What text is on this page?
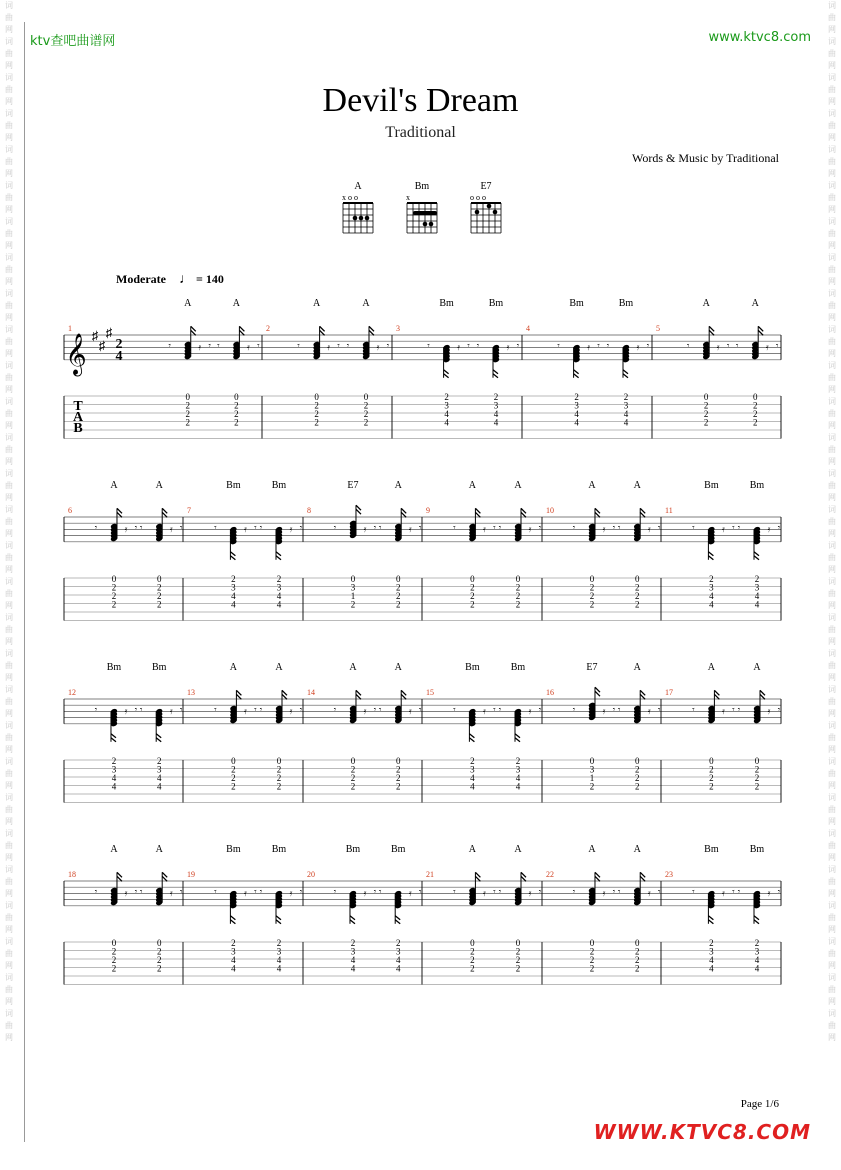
词曲网词曲网词曲网词曲网词曲网词曲网词曲网词曲网词曲网词曲网词曲网词曲网词曲网词曲网词曲网词曲网词曲网词曲网词曲网词曲网词曲网词曲网词曲网词曲网词曲网词曲网词曲网词曲网词曲网
词曲网词曲网词曲网词曲网词曲网词曲网词曲网词曲网词曲网词曲网词曲网词曲网词曲网词曲网词曲网词曲网词曲网词曲网词曲网词曲网词曲网词曲网词曲网词曲网词曲网词曲网词曲网词曲网词曲网
ktv查吧曲谱网	www.ktvc8.com
Devil's Dream
Traditional
Words & Music by Traditional
Moderate ♩ = 140
A
x o o
Bm
x
E7
o o o
𝄞 ♯
♯
♯
2
4
T
A
B
1
A
𝄾	𝄿 𝄾
0
2
2
2
A
𝄾	𝄿 𝄾
0
2
2
2
2
A
𝄾	𝄿 𝄾
0
2
2
2
A
𝄾	𝄿 𝄾
0
2
2
2
3
Bm
𝄾	𝄿 𝄾
2
3
4
4
Bm
𝄾	𝄿 𝄾
2
3
4
4
4
Bm
𝄾	𝄿 𝄾
2
3
4
4
Bm
𝄾	𝄿 𝄾
2
3
4
4
5
A
𝄾	𝄿 𝄾
0
2
2
2
A
𝄾	𝄿 𝄾
0
2
2
2
6
A
𝄾	𝄿 𝄾
0
2
2
2
A
𝄾	𝄿 𝄾
0
2
2
2
7
Bm
𝄾	𝄿 𝄾
2
3
4
4
Bm
𝄾	𝄿 𝄾
2
3
4
4
8
E7
𝄾	𝄿 𝄾
0
3
1
2
A
𝄾	𝄿 𝄾
0
2
2
2
9
A
𝄾	𝄿 𝄾
0
2
2
2
A
𝄾	𝄿 𝄾
0
2
2
2
10
A
𝄾	𝄿 𝄾
0
2
2
2
A
𝄾	𝄿 𝄾
0
2
2
2
11
Bm
𝄾	𝄿 𝄾
2
3
4
4
Bm
𝄾	𝄿 𝄾
2
3
4
4
12
Bm
𝄾	𝄿 𝄾
2
3
4
4
Bm
𝄾	𝄿 𝄾
2
3
4
4
13
A
𝄾	𝄿 𝄾
0
2
2
2
A
𝄾	𝄿 𝄾
0
2
2
2
14
A
𝄾	𝄿 𝄾
0
2
2
2
A
𝄾	𝄿 𝄾
0
2
2
2
15
Bm
𝄾	𝄿 𝄾
2
3
4
4
Bm
𝄾	𝄿 𝄾
2
3
4
4
16
E7
𝄾	𝄿 𝄾
0
3
1
2
A
𝄾	𝄿 𝄾
0
2
2
2
17
A
𝄾	𝄿 𝄾
0
2
2
2
A
𝄾	𝄿 𝄾
0
2
2
2
18
A
𝄾	𝄿 𝄾
0
2
2
2
A
𝄾	𝄿 𝄾
0
2
2
2
19
Bm
𝄾	𝄿 𝄾
2
3
4
4
Bm
𝄾	𝄿 𝄾
2
3
4
4
20
Bm
𝄾	𝄿 𝄾
2
3
4
4
Bm
𝄾	𝄿 𝄾
2
3
4
4
21
A
𝄾	𝄿 𝄾
0
2
2
2
A
𝄾	𝄿 𝄾
0
2
2
2
22
A
𝄾	𝄿 𝄾
0
2
2
2
A
𝄾	𝄿 𝄾
0
2
2
2
23
Bm
𝄾	𝄿 𝄾
2
3
4
4
Bm
𝄾	𝄿 𝄾
2
3
4
4
Page 1/6
WWW.KTVC8.COM
